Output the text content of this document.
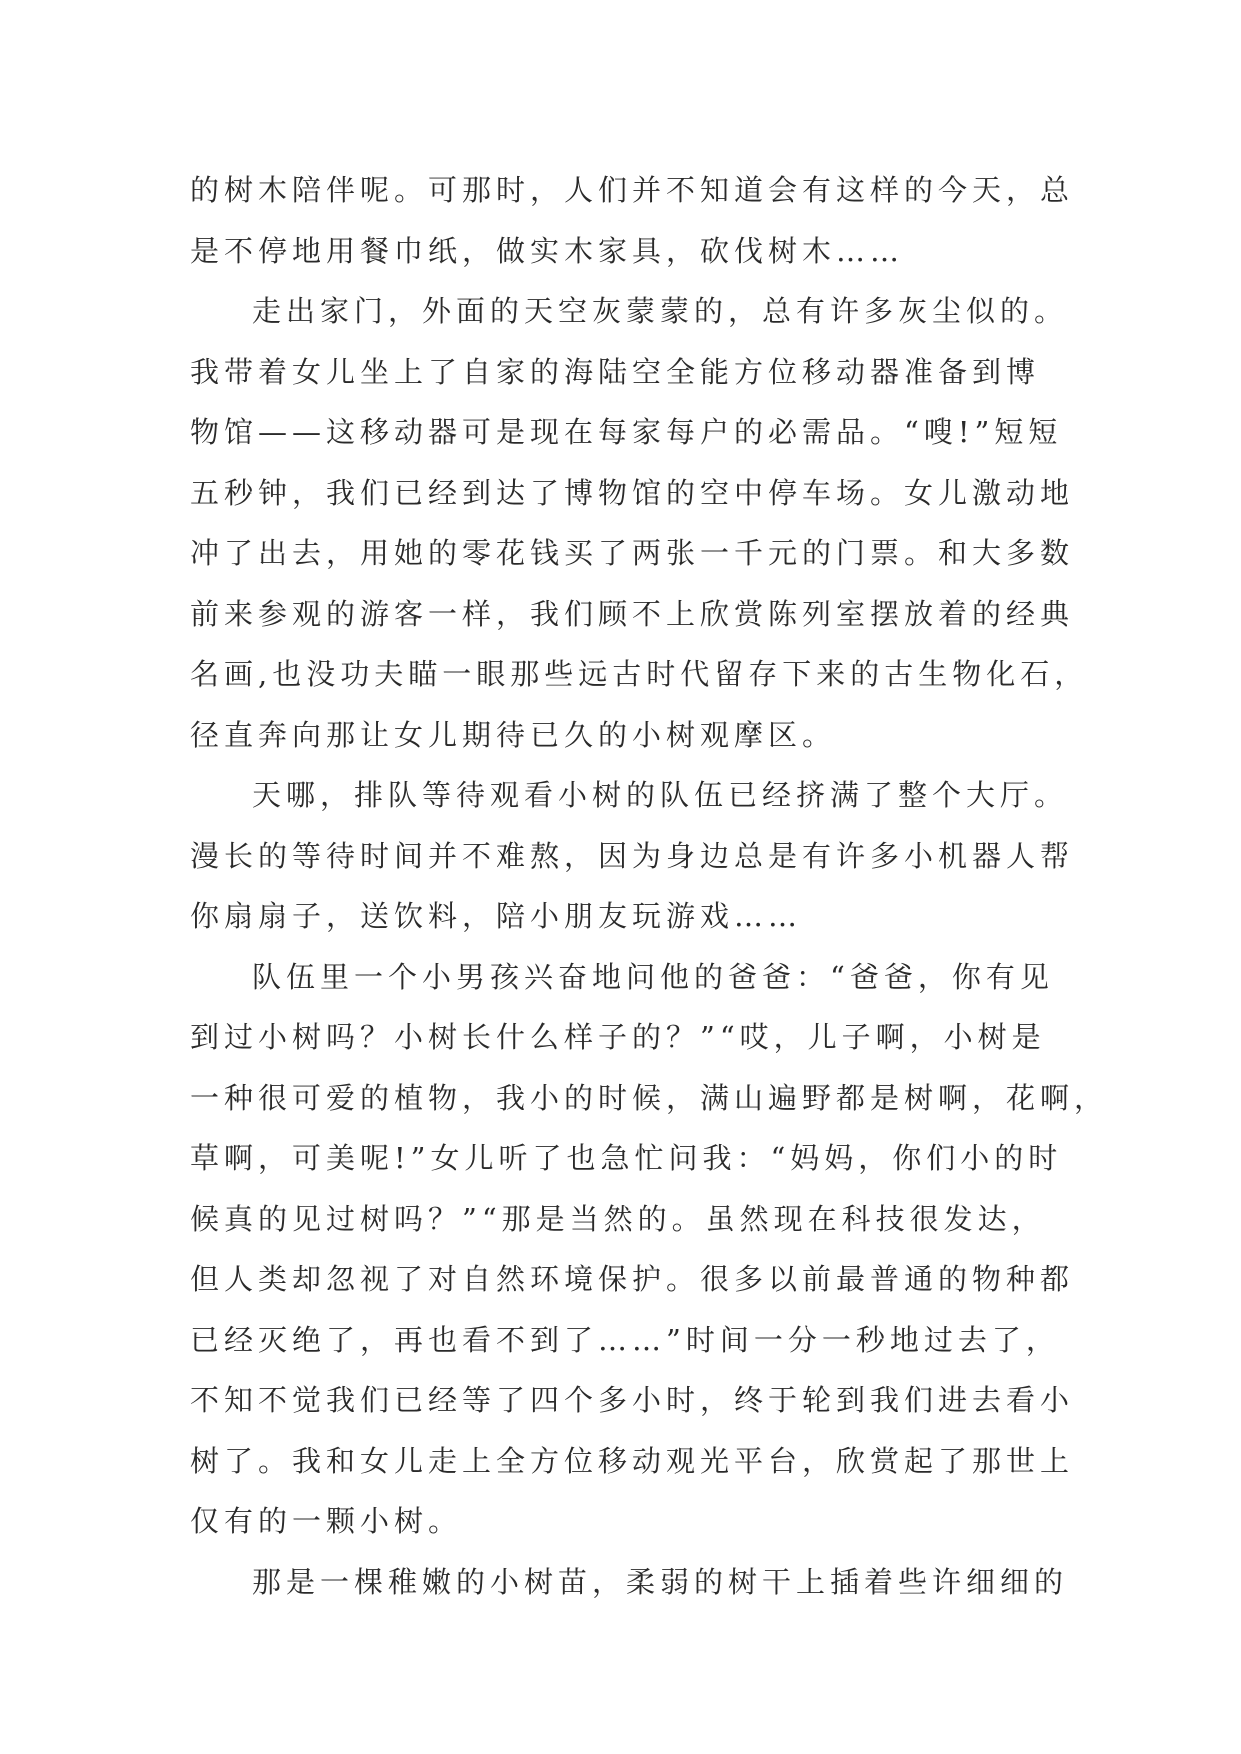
的树木陪伴呢。可那时，人们并不知道会有这样的今天，总
是不停地用餐巾纸，做实木家具，砍伐树木……
走出家门，外面的天空灰蒙蒙的，总有许多灰尘似的。
我带着女儿坐上了自家的海陆空全能方位移动器准备到博
物馆——这移动器可是现在每家每户的必需品。“嗖!”短短
五秒钟，我们已经到达了博物馆的空中停车场。女儿激动地
冲了出去，用她的零花钱买了两张一千元的门票。和大多数
前来参观的游客一样，我们顾不上欣赏陈列室摆放着的经典
名画,也没功夫瞄一眼那些远古时代留存下来的古生物化石，
径直奔向那让女儿期待已久的小树观摩区。
天哪，排队等待观看小树的队伍已经挤满了整个大厅。
漫长的等待时间并不难熬，因为身边总是有许多小机器人帮
你扇扇子，送饮料，陪小朋友玩游戏……
队伍里一个小男孩兴奋地问他的爸爸：“爸爸，你有见
到过小树吗？小树长什么样子的？”“哎，儿子啊，小树是
一种很可爱的植物，我小的时候，满山遍野都是树啊，花啊，
草啊，可美呢!”女儿听了也急忙问我：“妈妈，你们小的时
候真的见过树吗？”“那是当然的。虽然现在科技很发达，
但人类却忽视了对自然环境保护。很多以前最普通的物种都
已经灭绝了，再也看不到了……”时间一分一秒地过去了，
不知不觉我们已经等了四个多小时，终于轮到我们进去看小
树了。我和女儿走上全方位移动观光平台，欣赏起了那世上
仅有的一颗小树。
那是一棵稚嫩的小树苗，柔弱的树干上插着些许细细的
